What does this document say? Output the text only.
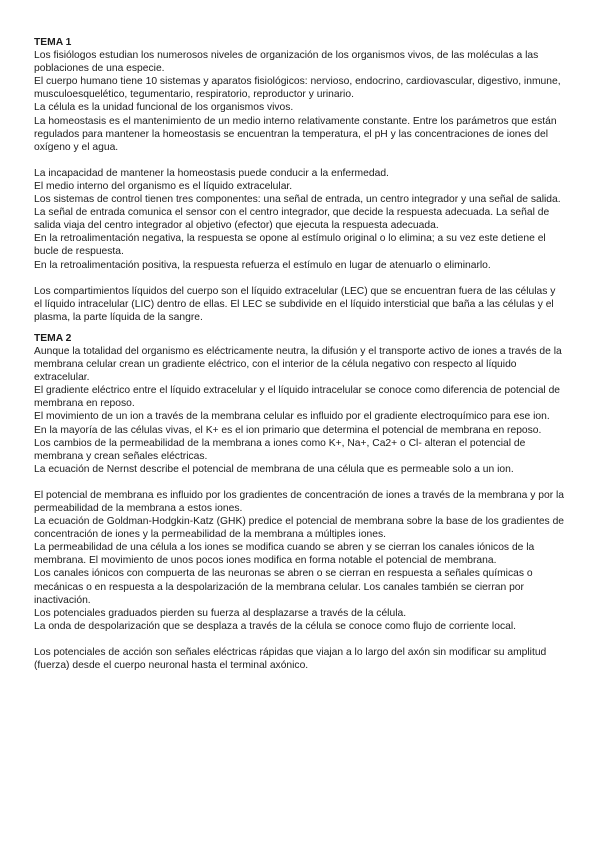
TEMA 1

Los fisiólogos estudian los numerosos niveles de organización de los organismos vivos, de las moléculas a las poblaciones de una especie.

El cuerpo humano tiene 10 sistemas y aparatos fisiológicos: nervioso, endocrino, cardiovascular, digestivo, inmune, musculoesquelético, tegumentario, respiratorio, reproductor y urinario.

La célula es la unidad funcional de los organismos vivos.

La homeostasis es el mantenimiento de un medio interno relativamente constante. Entre los parámetros que están regulados para mantener la homeostasis se encuentran la temperatura, el pH y las concentraciones de iones del oxígeno y el agua.

La incapacidad de mantener la homeostasis puede conducir a la enfermedad.

El medio interno del organismo es el líquido extracelular.

Los sistemas de control tienen tres componentes: una señal de entrada, un centro integrador y una señal de salida. La señal de entrada comunica el sensor con el centro integrador, que decide la respuesta adecuada. La señal de salida viaja del centro integrador al objetivo (efector) que ejecuta la respuesta adecuada.

En la retroalimentación negativa, la respuesta se opone al estímulo original o lo elimina; a su vez este detiene el bucle de respuesta.

En la retroalimentación positiva, la respuesta refuerza el estímulo en lugar de atenuarlo o eliminarlo.

Los compartimientos líquidos del cuerpo son el líquido extracelular (LEC) que se encuentran fuera de las células y el líquido intracelular (LIC) dentro de ellas. El LEC se subdivide en el líquido intersticial que baña a las células y el plasma, la parte líquida de la sangre.

TEMA 2

Aunque la totalidad del organismo es eléctricamente neutra, la difusión y el transporte activo de iones a través de la membrana celular crean un gradiente eléctrico, con el interior de la célula negativo con respecto al líquido extracelular.

El gradiente eléctrico entre el líquido extracelular y el líquido intracelular se conoce como diferencia de potencial de membrana en reposo.

El movimiento de un ion a través de la membrana celular es influido por el gradiente electroquímico para ese ion.

En la mayoría de las células vivas, el K+ es el ion primario que determina el potencial de membrana en reposo.

Los cambios de la permeabilidad de la membrana a iones como K+, Na+, Ca2+ o Cl- alteran el potencial de membrana y crean señales eléctricas.

La ecuación de Nernst describe el potencial de membrana de una célula que es permeable solo a un ion.

El potencial de membrana es influido por los gradientes de concentración de iones a través de la membrana y por la permeabilidad de la membrana a estos iones.

La ecuación de Goldman-Hodgkin-Katz (GHK) predice el potencial de membrana sobre la base de los gradientes de concentración de iones y la permeabilidad de la membrana a múltiples iones.

La permeabilidad de una célula a los iones se modifica cuando se abren y se cierran los canales iónicos de la membrana. El movimiento de unos pocos iones modifica en forma notable el potencial de membrana.

Los canales iónicos con compuerta de las neuronas se abren o se cierran en respuesta a señales químicas o mecánicas o en respuesta a la despolarización de la membrana celular. Los canales también se cierran por inactivación.

Los potenciales graduados pierden su fuerza al desplazarse a través de la célula.

La onda de despolarización que se desplaza a través de la célula se conoce como flujo de corriente local.

Los potenciales de acción son señales eléctricas rápidas que viajan a lo largo del axón sin modificar su amplitud (fuerza) desde el cuerpo neuronal hasta el terminal axónico.
